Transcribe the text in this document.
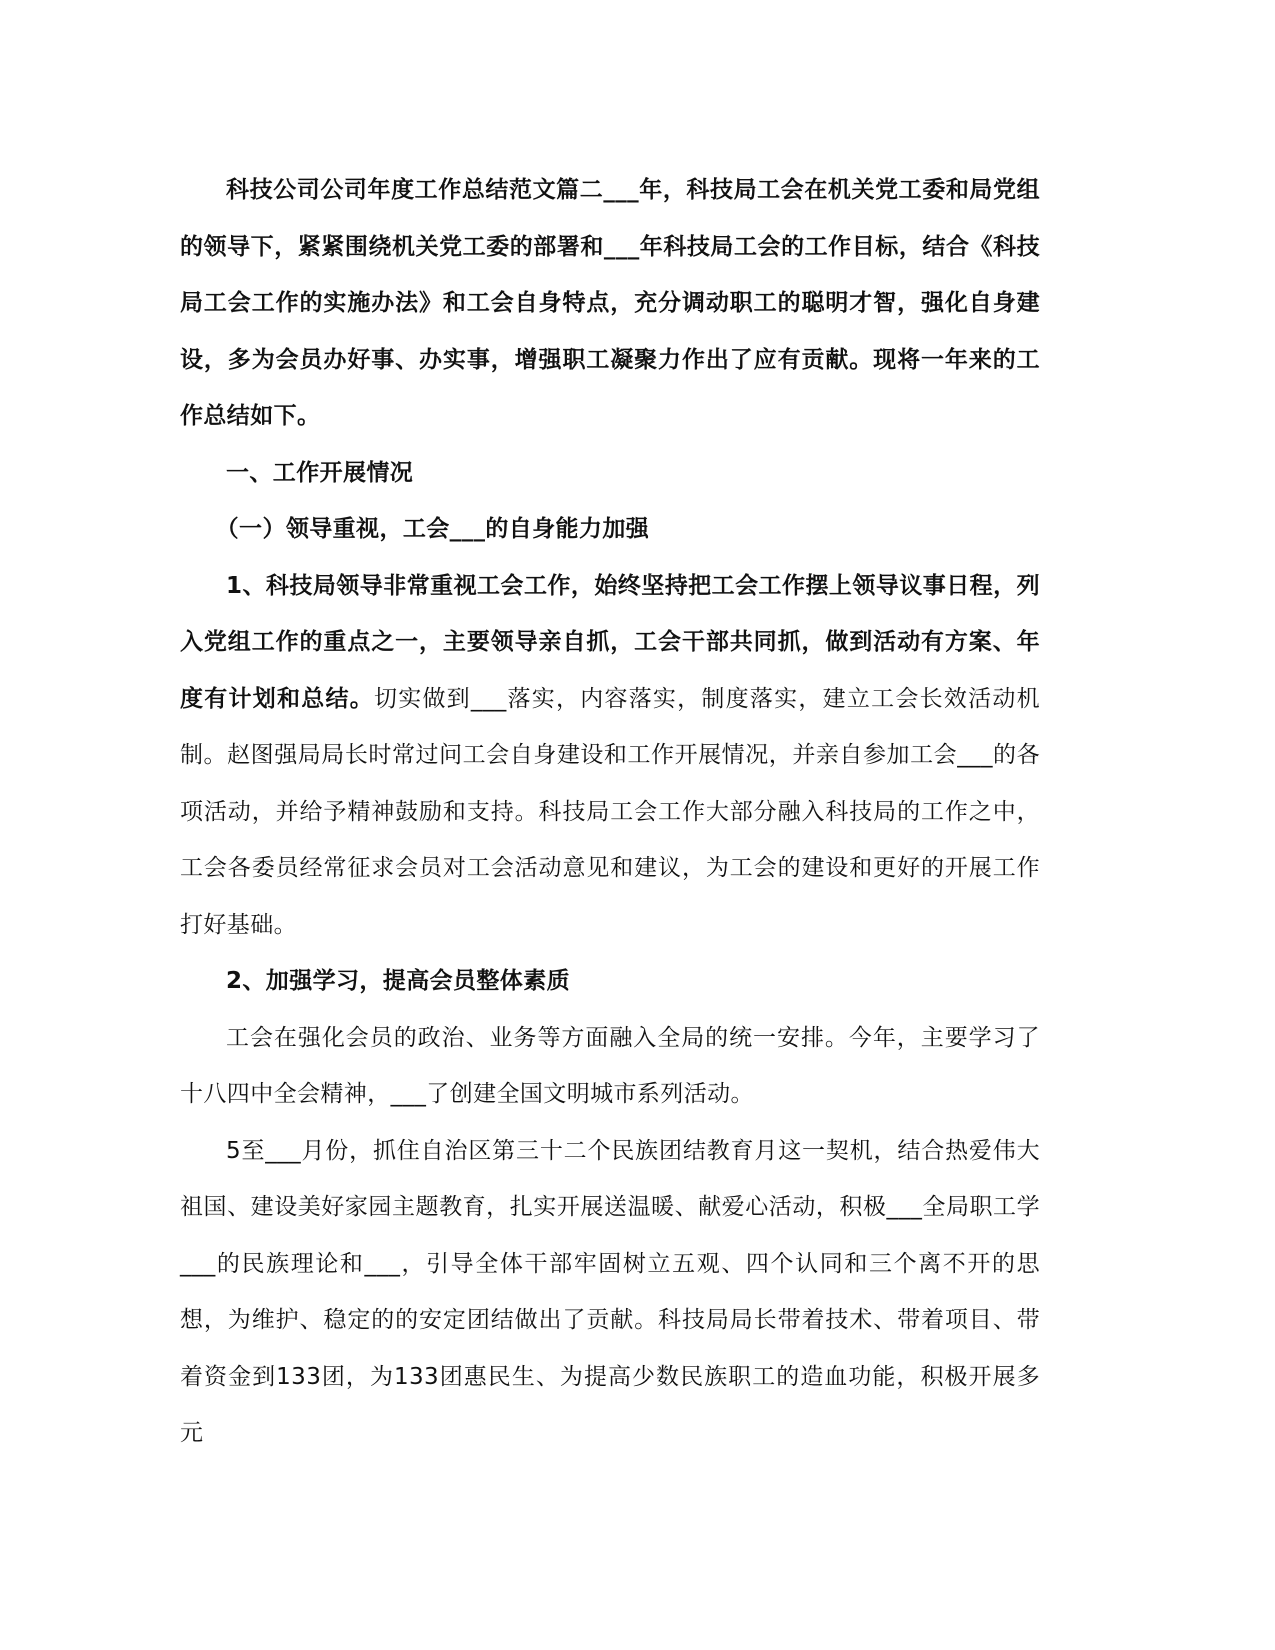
科技公司公司年度工作总结范文篇二___年，科技局工会在机关党工委和局党组的领导下，紧紧围绕机关党工委的部署和___年科技局工会的工作目标，结合《科技局工会工作的实施办法》和工会自身特点，充分调动职工的聪明才智，强化自身建设，多为会员办好事、办实事，增强职工凝聚力作出了应有贡献。现将一年来的工作总结如下。

一、工作开展情况

（一）领导重视，工会___的自身能力加强

1、科技局领导非常重视工会工作，始终坚持把工会工作摆上领导议事日程，列入党组工作的重点之一，主要领导亲自抓，工会干部共同抓，做到活动有方案、年度有计划和总结。切实做到___落实，内容落实，制度落实，建立工会长效活动机制。赵图强局局长时常过问工会自身建设和工作开展情况，并亲自参加工会___的各项活动，并给予精神鼓励和支持。科技局工会工作大部分融入科技局的工作之中，工会各委员经常征求会员对工会活动意见和建议，为工会的建设和更好的开展工作打好基础。

2、加强学习，提高会员整体素质

工会在强化会员的政治、业务等方面融入全局的统一安排。今年，主要学习了十八四中全会精神，___了创建全国文明城市系列活动。

5至___月份，抓住自治区第三十二个民族团结教育月这一契机，结合热爱伟大祖国、建设美好家园主题教育，扎实开展送温暖、献爱心活动，积极___全局职工学___的民族理论和___，引导全体干部牢固树立五观、四个认同和三个离不开的思想，为维护、稳定的的安定团结做出了贡献。科技局局长带着技术、带着项目、带着资金到133团，为133团惠民生、为提高少数民族职工的造血功能，积极开展多元
